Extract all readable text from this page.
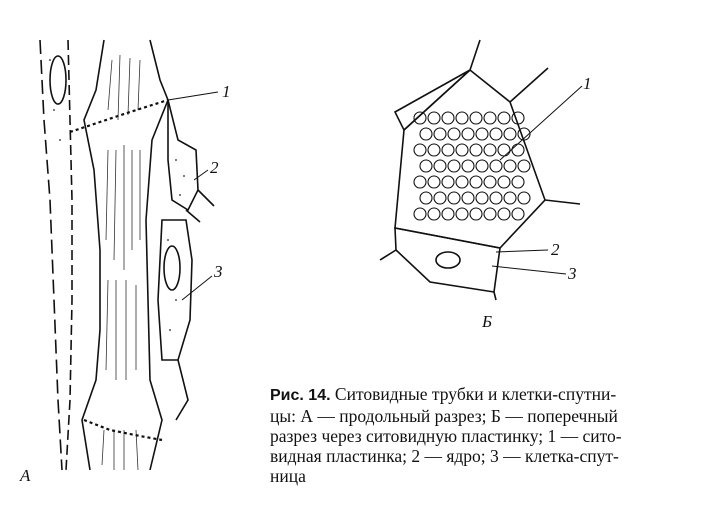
1
2
3
А
1
2
3
Б
Рис. 14. Ситовидные трубки и клетки-спутни-
цы: А — продольный разрез; Б — поперечный
разрез через ситовидную пластинку; 1 — сито-
видная пластинка; 2 — ядро; 3 — клетка-спут-
ница
